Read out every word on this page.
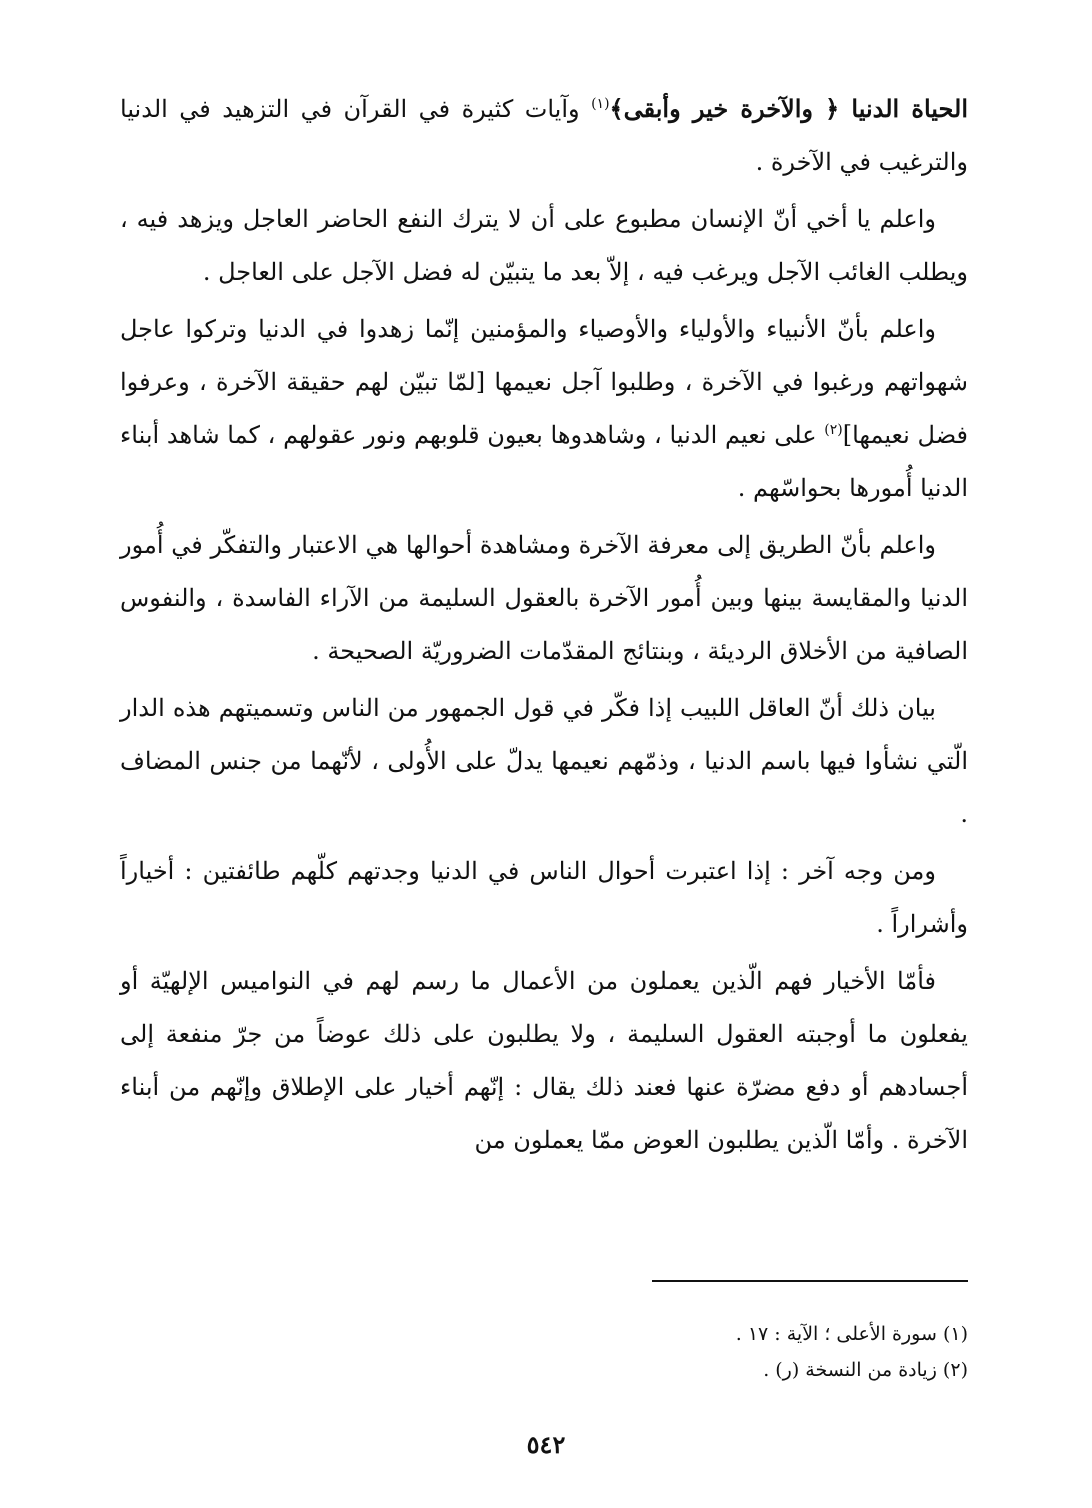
الحياة الدنيا ﴿ والآخرة خير وأبقى﴾$^{(١)}$ وآيات كثيرة في القرآن في التزهيد في الدنيا والترغيب في الآخرة .

واعلم يا أخي أنّ الإنسان مطبوع على أن لا يترك النفع الحاضر العاجل ويزهد فيه ، ويطلب الغائب الآجل ويرغب فيه ، إلاّ بعد ما يتبيّن له فضل الآجل على العاجل .

واعلم بأنّ الأنبياء والأولياء والأوصياء والمؤمنين إنّما زهدوا في الدنيا وتركوا عاجل شهواتهم ورغبوا في الآخرة ، وطلبوا آجل نعيمها [لمّا تبيّن لهم حقيقة الآخرة ، وعرفوا فضل نعيمها]$^{(٢)}$ على نعيم الدنيا ، وشاهدوها بعيون قلوبهم ونور عقولهم ، كما شاهد أبناء الدنيا أُمورها بحواسّهم .

واعلم بأنّ الطريق إلى معرفة الآخرة ومشاهدة أحوالها هي الاعتبار والتفكّر في أُمور الدنيا والمقايسة بينها وبين أُمور الآخرة بالعقول السليمة من الآراء الفاسدة ، والنفوس الصافية من الأخلاق الرديئة ، وبنتائج المقدّمات الضروريّة الصحيحة .

بيان ذلك أنّ العاقل اللبيب إذا فكّر في قول الجمهور من الناس وتسميتهم هذه الدار الّتي نشأوا فيها باسم الدنيا ، وذمّهم نعيمها يدلّ على الأُولى ، لأنّهما من جنس المضاف .

ومن وجه آخر : إذا اعتبرت أحوال الناس في الدنيا وجدتهم كلّهم طائفتين : أخياراً وأشراراً .

فأمّا الأخيار فهم الّذين يعملون من الأعمال ما رسم لهم في النواميس الإلهيّة أو يفعلون ما أوجبته العقول السليمة ، ولا يطلبون على ذلك عوضاً من جرّ منفعة إلى أجسادهم أو دفع مضرّة عنها فعند ذلك يقال : إنّهم أخيار على الإطلاق وإنّهم من أبناء الآخرة . وأمّا الّذين يطلبون العوض ممّا يعملون من

(١) سورة الأعلى ؛ الآية : ١٧ .

(٢) زيادة من النسخة (ر) .

٥٤٢
